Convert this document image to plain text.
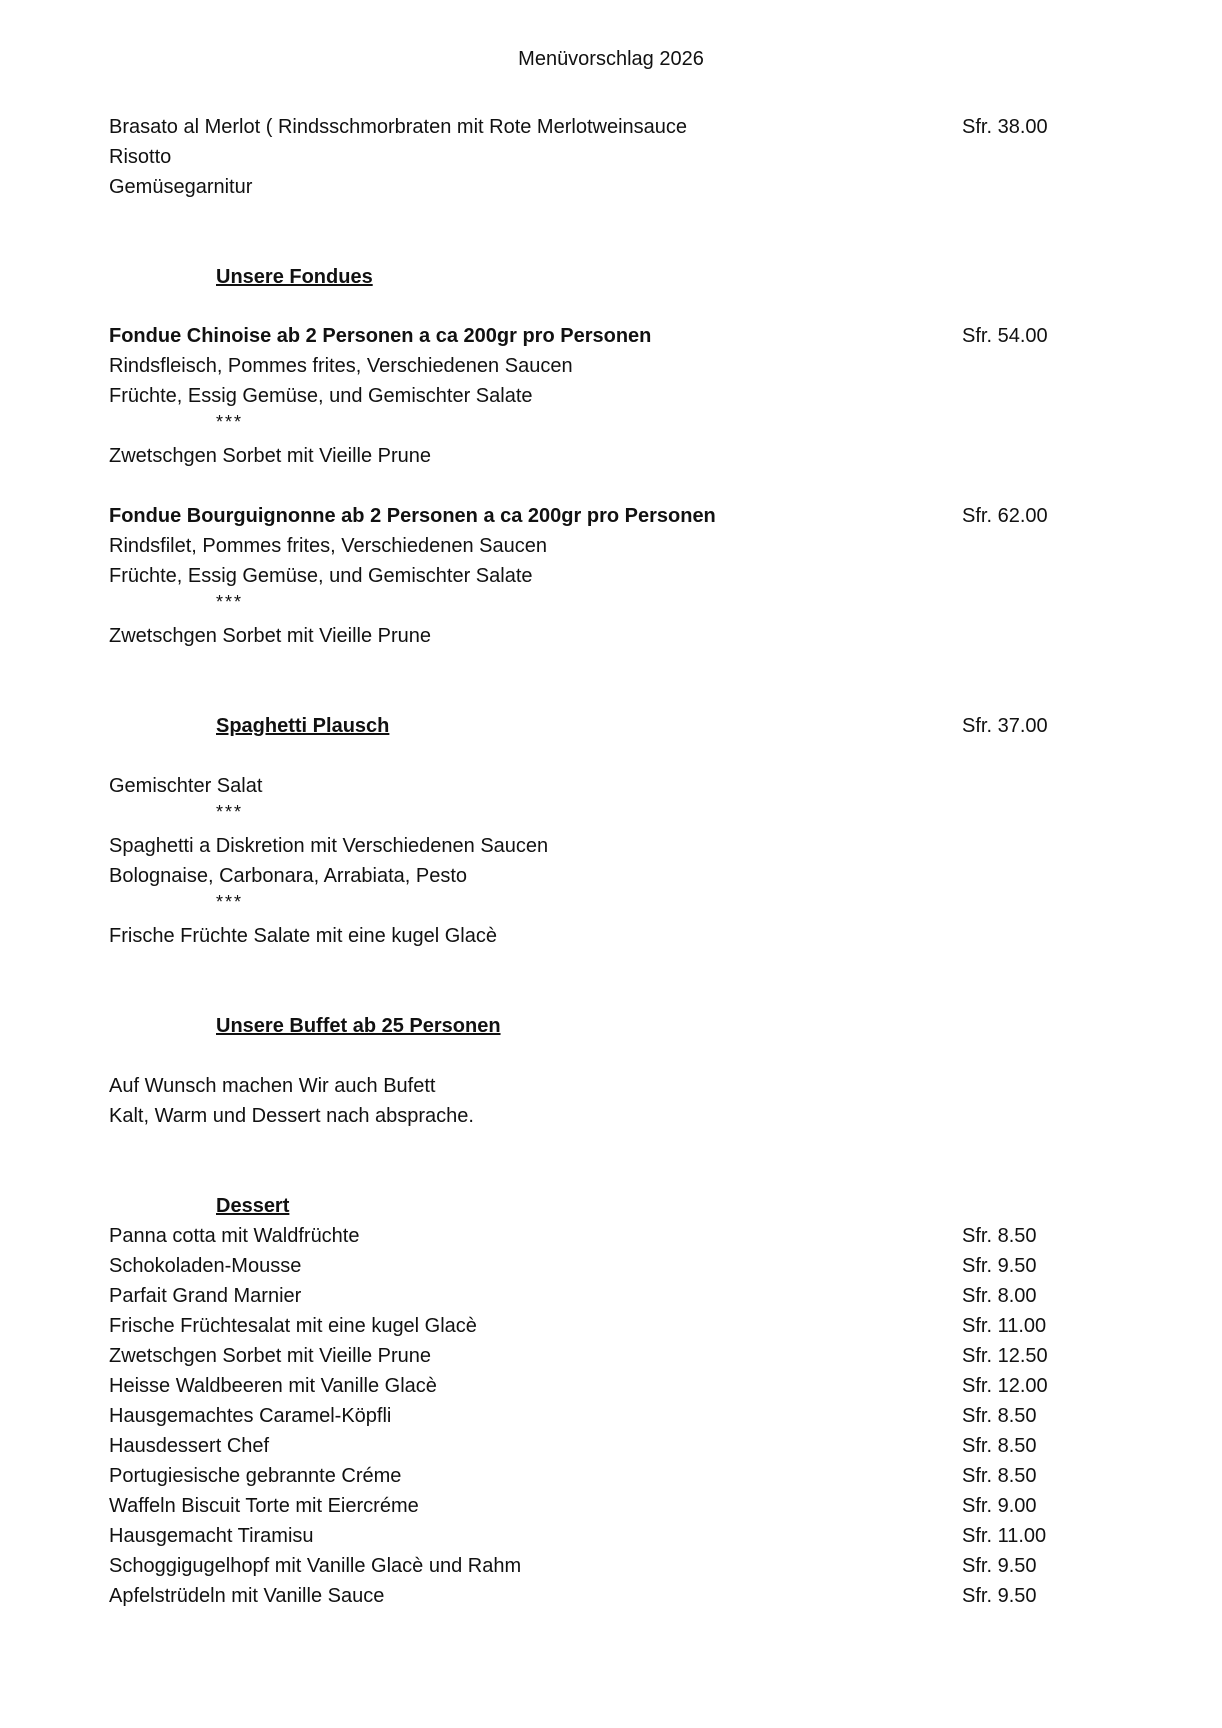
Menüvorschlag 2026
Brasato al Merlot ( Rindsschmorbraten mit Rote Merlotweinsauce	Sfr. 38.00
Risotto
Gemüsegarnitur
Unsere Fondues
Fondue Chinoise ab 2 Personen a ca 200gr pro Personen	Sfr. 54.00
Rindsfleisch, Pommes frites, Verschiedenen Saucen
Früchte, Essig Gemüse, und Gemischter Salate
***
Zwetschgen Sorbet mit Vieille Prune
Fondue Bourguignonne ab 2 Personen a ca 200gr pro Personen	Sfr. 62.00
Rindsfilet, Pommes frites, Verschiedenen Saucen
Früchte, Essig Gemüse, und Gemischter Salate
***
Zwetschgen Sorbet mit Vieille Prune
Spaghetti Plausch	Sfr. 37.00
Gemischter Salat
***
Spaghetti a Diskretion mit Verschiedenen Saucen
Bolognaise, Carbonara, Arrabiata, Pesto
***
Frische Früchte Salate mit eine kugel Glacè
Unsere Buffet ab 25 Personen
Auf Wunsch machen Wir auch Bufett
Kalt, Warm und Dessert nach absprache.
Dessert
Panna cotta mit Waldfrüchte	Sfr. 8.50
Schokoladen-Mousse	Sfr. 9.50
Parfait Grand Marnier	Sfr. 8.00
Frische Früchtesalat mit eine kugel Glacè	Sfr. 11.00
Zwetschgen Sorbet mit Vieille Prune	Sfr. 12.50
Heisse Waldbeeren mit Vanille Glacè	Sfr. 12.00
Hausgemachtes Caramel-Köpfli	Sfr. 8.50
Hausdessert Chef	Sfr. 8.50
Portugiesische gebrannte Créme	Sfr. 8.50
Waffeln Biscuit Torte mit Eiercréme	Sfr. 9.00
Hausgemacht Tiramisu	Sfr. 11.00
Schoggigugelhopf mit Vanille Glacè und Rahm	Sfr. 9.50
Apfelstrüdeln mit Vanille Sauce	Sfr. 9.50
